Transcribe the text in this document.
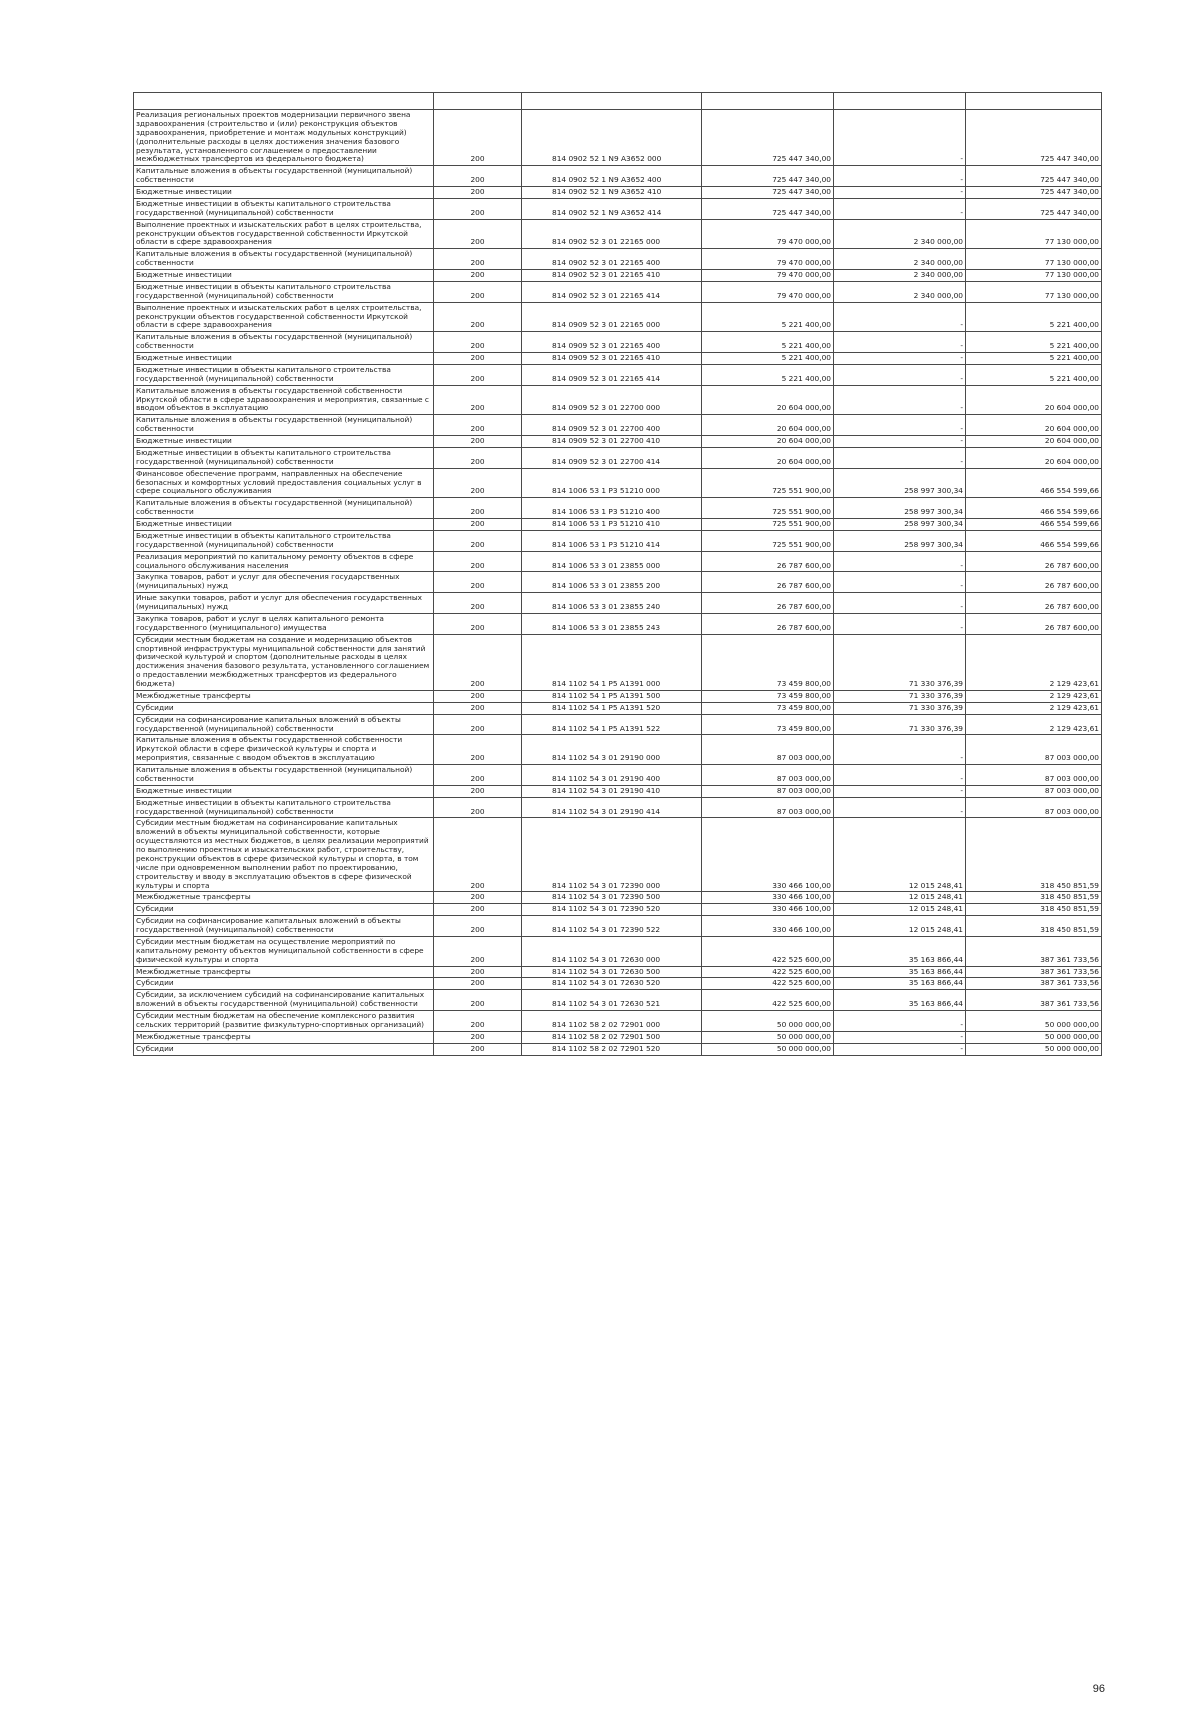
Реализация региональных проектов модернизации первичного звена здравоохранения (строительство и (или) реконструкция объектов здравоохранения, приобретение и монтаж модульных конструкций) (дополнительные расходы в целях достижения значения базового результата, установленного соглашением о предоставлении межбюджетных трансфертов из федерального бюджета)	200	814 0902 52 1 N9 A3652 000	725 447 340,00	-	725 447 340,00
Капитальные вложения в объекты государственной (муниципальной) собственности	200	814 0902 52 1 N9 A3652 400	725 447 340,00	-	725 447 340,00
Бюджетные инвестиции	200	814 0902 52 1 N9 A3652 410	725 447 340,00	-	725 447 340,00
Бюджетные инвестиции в объекты капитального строительства государственной (муниципальной) собственности	200	814 0902 52 1 N9 A3652 414	725 447 340,00	-	725 447 340,00
Выполнение проектных и изыскательских работ в целях строительства, реконструкции объектов государственной собственности Иркутской области в сфере здравоохранения	200	814 0902 52 3 01 22165 000	79 470 000,00	2 340 000,00	77 130 000,00
Капитальные вложения в объекты государственной (муниципальной) собственности	200	814 0902 52 3 01 22165 400	79 470 000,00	2 340 000,00	77 130 000,00
Бюджетные инвестиции	200	814 0902 52 3 01 22165 410	79 470 000,00	2 340 000,00	77 130 000,00
Бюджетные инвестиции в объекты капитального строительства государственной (муниципальной) собственности	200	814 0902 52 3 01 22165 414	79 470 000,00	2 340 000,00	77 130 000,00
Выполнение проектных и изыскательских работ в целях строительства, реконструкции объектов государственной собственности Иркутской области в сфере здравоохранения	200	814 0909 52 3 01 22165 000	5 221 400,00	-	5 221 400,00
Капитальные вложения в объекты государственной (муниципальной) собственности	200	814 0909 52 3 01 22165 400	5 221 400,00	-	5 221 400,00
Бюджетные инвестиции	200	814 0909 52 3 01 22165 410	5 221 400,00	-	5 221 400,00
Бюджетные инвестиции в объекты капитального строительства государственной (муниципальной) собственности	200	814 0909 52 3 01 22165 414	5 221 400,00	-	5 221 400,00
Капитальные вложения в объекты государственной собственности Иркутской области в сфере здравоохранения и мероприятия, связанные с вводом объектов в эксплуатацию	200	814 0909 52 3 01 22700 000	20 604 000,00	-	20 604 000,00
Капитальные вложения в объекты государственной (муниципальной) собственности	200	814 0909 52 3 01 22700 400	20 604 000,00	-	20 604 000,00
Бюджетные инвестиции	200	814 0909 52 3 01 22700 410	20 604 000,00	-	20 604 000,00
Бюджетные инвестиции в объекты капитального строительства государственной (муниципальной) собственности	200	814 0909 52 3 01 22700 414	20 604 000,00	-	20 604 000,00
Финансовое обеспечение программ, направленных на обеспечение безопасных и комфортных условий предоставления социальных услуг в сфере социального обслуживания	200	814 1006 53 1 P3 51210 000	725 551 900,00	258 997 300,34	466 554 599,66
Капитальные вложения в объекты государственной (муниципальной) собственности	200	814 1006 53 1 P3 51210 400	725 551 900,00	258 997 300,34	466 554 599,66
Бюджетные инвестиции	200	814 1006 53 1 P3 51210 410	725 551 900,00	258 997 300,34	466 554 599,66
Бюджетные инвестиции в объекты капитального строительства государственной (муниципальной) собственности	200	814 1006 53 1 P3 51210 414	725 551 900,00	258 997 300,34	466 554 599,66
Реализация мероприятий по капитальному ремонту объектов в сфере социального обслуживания населения	200	814 1006 53 3 01 23855 000	26 787 600,00	-	26 787 600,00
Закупка товаров, работ и услуг для обеспечения государственных (муниципальных) нужд	200	814 1006 53 3 01 23855 200	26 787 600,00	-	26 787 600,00
Иные закупки товаров, работ и услуг для обеспечения государственных (муниципальных) нужд	200	814 1006 53 3 01 23855 240	26 787 600,00	-	26 787 600,00
Закупка товаров, работ и услуг в целях капитального ремонта государственного (муниципального) имущества	200	814 1006 53 3 01 23855 243	26 787 600,00	-	26 787 600,00
Субсидии местным бюджетам на создание и модернизацию объектов спортивной инфраструктуры муниципальной собственности для занятий физической культурой и спортом (дополнительные расходы в целях достижения значения базового результата, установленного соглашением о предоставлении межбюджетных трансфертов из федерального бюджета)	200	814 1102 54 1 P5 A1391 000	73 459 800,00	71 330 376,39	2 129 423,61
Межбюджетные трансферты	200	814 1102 54 1 P5 A1391 500	73 459 800,00	71 330 376,39	2 129 423,61
Субсидии	200	814 1102 54 1 P5 A1391 520	73 459 800,00	71 330 376,39	2 129 423,61
Субсидии на софинансирование капитальных вложений в объекты государственной (муниципальной) собственности	200	814 1102 54 1 P5 A1391 522	73 459 800,00	71 330 376,39	2 129 423,61
Капитальные вложения в объекты государственной собственности Иркутской области в сфере физической культуры и спорта и мероприятия, связанные с вводом объектов в эксплуатацию	200	814 1102 54 3 01 29190 000	87 003 000,00	-	87 003 000,00
Капитальные вложения в объекты государственной (муниципальной) собственности	200	814 1102 54 3 01 29190 400	87 003 000,00	-	87 003 000,00
Бюджетные инвестиции	200	814 1102 54 3 01 29190 410	87 003 000,00	-	87 003 000,00
Бюджетные инвестиции в объекты капитального строительства государственной (муниципальной) собственности	200	814 1102 54 3 01 29190 414	87 003 000,00	-	87 003 000,00
Субсидии местным бюджетам на софинансирование капитальных вложений в объекты муниципальной собственности, которые осуществляются из местных бюджетов, в целях реализации мероприятий по выполнению проектных и изыскательских работ, строительству, реконструкции объектов в сфере физической культуры и спорта, в том числе при одновременном выполнении работ по проектированию, строительству и вводу в эксплуатацию объектов в сфере физической культуры и спорта	200	814 1102 54 3 01 72390 000	330 466 100,00	12 015 248,41	318 450 851,59
Межбюджетные трансферты	200	814 1102 54 3 01 72390 500	330 466 100,00	12 015 248,41	318 450 851,59
Субсидии	200	814 1102 54 3 01 72390 520	330 466 100,00	12 015 248,41	318 450 851,59
Субсидии на софинансирование капитальных вложений в объекты государственной (муниципальной) собственности	200	814 1102 54 3 01 72390 522	330 466 100,00	12 015 248,41	318 450 851,59
Субсидии местным бюджетам на осуществление мероприятий по капитальному ремонту объектов муниципальной собственности в сфере физической культуры и спорта	200	814 1102 54 3 01 72630 000	422 525 600,00	35 163 866,44	387 361 733,56
Межбюджетные трансферты	200	814 1102 54 3 01 72630 500	422 525 600,00	35 163 866,44	387 361 733,56
Субсидии	200	814 1102 54 3 01 72630 520	422 525 600,00	35 163 866,44	387 361 733,56
Субсидии, за исключением субсидий на софинансирование капитальных вложений в объекты государственной (муниципальной) собственности	200	814 1102 54 3 01 72630 521	422 525 600,00	35 163 866,44	387 361 733,56
Субсидии местным бюджетам на обеспечение комплексного развития сельских территорий (развитие физкультурно-спортивных организаций)	200	814 1102 58 2 02 72901 000	50 000 000,00	-	50 000 000,00
Межбюджетные трансферты	200	814 1102 58 2 02 72901 500	50 000 000,00	-	50 000 000,00
Субсидии	200	814 1102 58 2 02 72901 520	50 000 000,00	-	50 000 000,00
96
